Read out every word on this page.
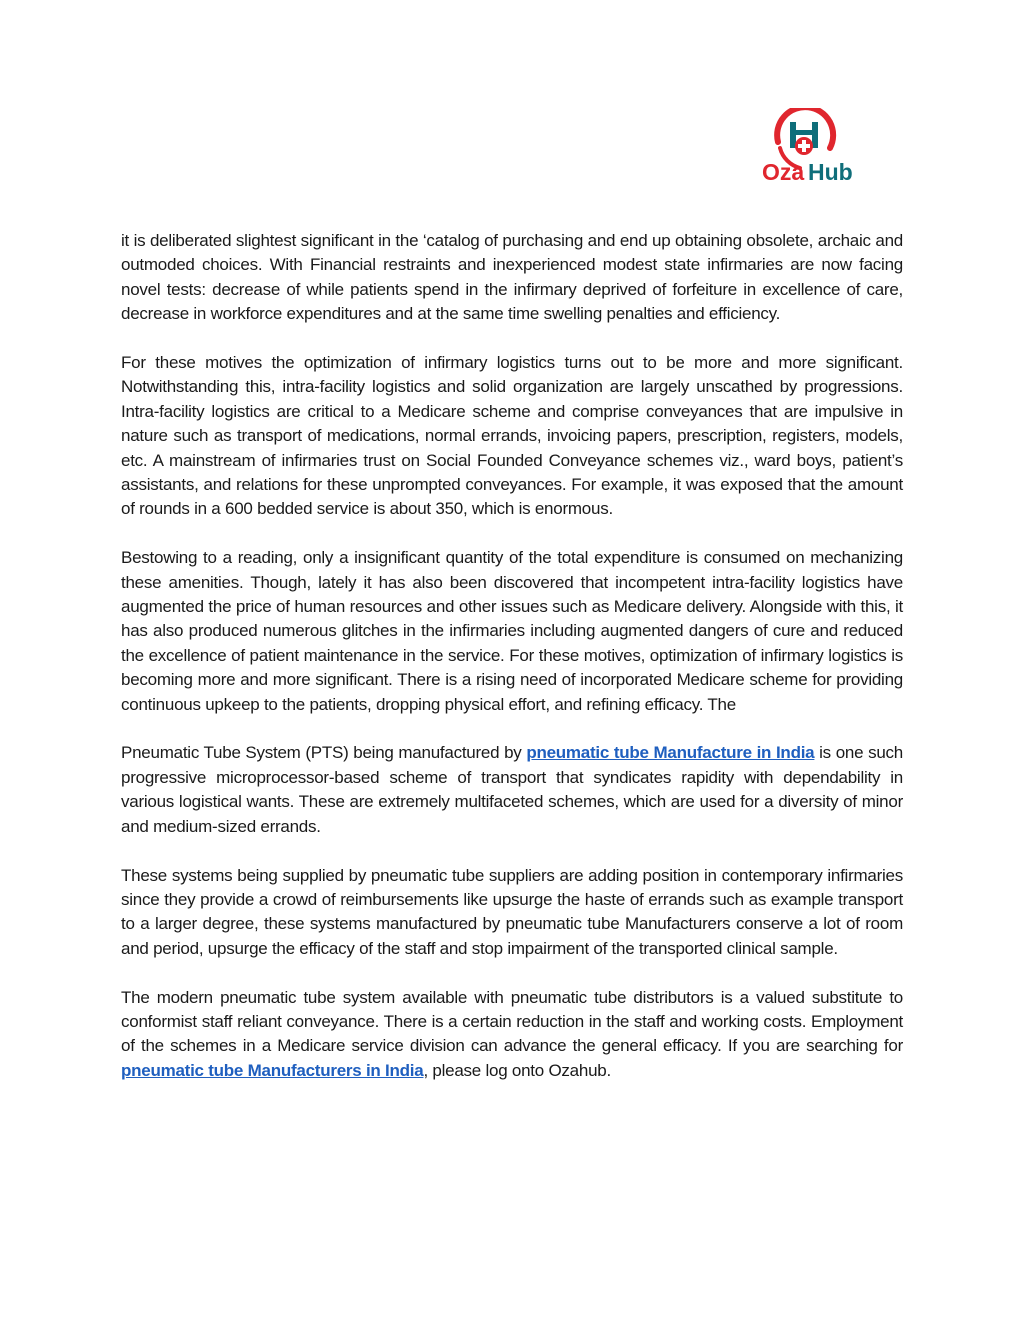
Oza Hub

it is deliberated slightest significant in the ‘catalog of purchasing and end up obtaining obsolete, archaic and outmoded choices. With Financial restraints and inexperienced modest state infirmaries are now facing novel tests: decrease of while patients spend in the infirmary deprived of forfeiture in excellence of care, decrease in workforce expenditures and at the same time swelling penalties and efficiency.

For these motives the optimization of infirmary logistics turns out to be more and more significant. Notwithstanding this, intra-facility logistics and solid organization are largely unscathed by progressions. Intra-facility logistics are critical to a Medicare scheme and comprise conveyances that are impulsive in nature such as transport of medications, normal errands, invoicing papers, prescription, registers, models, etc. A mainstream of infirmaries trust on Social Founded Conveyance schemes viz., ward boys, patient’s assistants, and relations for these unprompted conveyances. For example, it was exposed that the amount of rounds in a 600 bedded service is about 350, which is enormous.

Bestowing to a reading, only a insignificant quantity of the total expenditure is consumed on mechanizing these amenities. Though, lately it has also been discovered that incompetent intra-facility logistics have augmented the price of human resources and other issues such as Medicare delivery. Alongside with this, it has also produced numerous glitches in the infirmaries including augmented dangers of cure and reduced the excellence of patient maintenance in the service. For these motives, optimization of infirmary logistics is becoming more and more significant. There is a rising need of incorporated Medicare scheme for providing continuous upkeep to the patients, dropping physical effort, and refining efficacy. The

Pneumatic Tube System (PTS) being manufactured by pneumatic tube Manufacture in India is one such progressive microprocessor-based scheme of transport that syndicates rapidity with dependability in various logistical wants. These are extremely multifaceted schemes, which are used for a diversity of minor and medium-sized errands.

These systems being supplied by pneumatic tube suppliers are adding position in contemporary infirmaries since they provide a crowd of reimbursements like upsurge the haste of errands such as example transport to a larger degree, these systems manufactured by pneumatic tube Manufacturers conserve a lot of room and period, upsurge the efficacy of the staff and stop impairment of the transported clinical sample.

The modern pneumatic tube system available with pneumatic tube distributors is a valued substitute to conformist staff reliant conveyance. There is a certain reduction in the staff and working costs. Employment of the schemes in a Medicare service division can advance the general efficacy. If you are searching for pneumatic tube Manufacturers in India, please log onto Ozahub.
